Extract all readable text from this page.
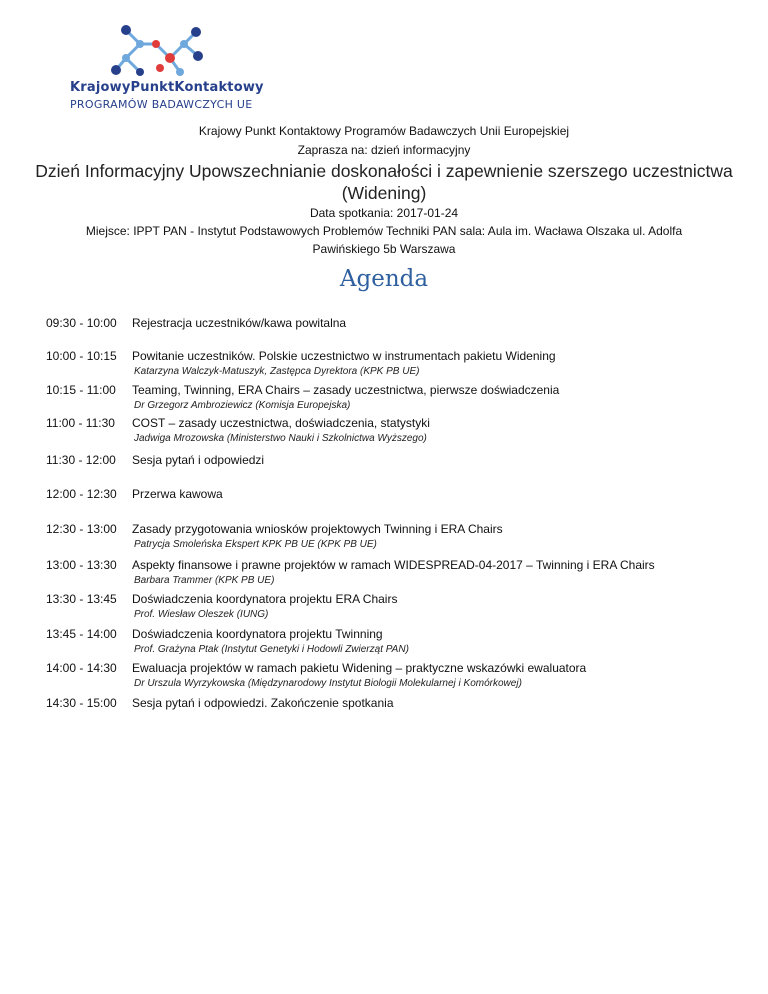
KrajowyPunktKontaktowy
PROGRAMÓW BADAWCZYCH UE
Krajowy Punkt Kontaktowy Programów Badawczych Unii Europejskiej
Zaprasza na: dzień informacyjny
Dzień Informacyjny Upowszechnianie doskonałości i zapewnienie szerszego uczestnictwa
(Widening)
Data spotkania: 2017-01-24
Miejsce: IPPT PAN - Instytut Podstawowych Problemów Techniki PAN sala: Aula im. Wacława Olszaka ul. Adolfa
Pawińskiego 5b Warszawa
Agenda
09:30 - 10:00 Rejestracja uczestników/kawa powitalna
10:00 - 10:15 Powitanie uczestników. Polskie uczestnictwo w instrumentach pakietu Widening
Katarzyna Walczyk-Matuszyk, Zastępca Dyrektora (KPK PB UE)
10:15 - 11:00 Teaming, Twinning, ERA Chairs – zasady uczestnictwa, pierwsze doświadczenia
Dr Grzegorz Ambroziewicz (Komisja Europejska)
11:00 - 11:30 COST – zasady uczestnictwa, doświadczenia, statystyki
Jadwiga Mrozowska (Ministerstwo Nauki i Szkolnictwa Wyższego)
11:30 - 12:00 Sesja pytań i odpowiedzi
12:00 - 12:30 Przerwa kawowa
12:30 - 13:00 Zasady przygotowania wniosków projektowych Twinning i ERA Chairs
Patrycja Smoleńska Ekspert KPK PB UE (KPK PB UE)
13:00 - 13:30 Aspekty finansowe i prawne projektów w ramach WIDESPREAD-04-2017 – Twinning i ERA Chairs
Barbara Trammer (KPK PB UE)
13:30 - 13:45 Doświadczenia koordynatora projektu ERA Chairs
Prof. Wiesław Oleszek (IUNG)
13:45 - 14:00 Doświadczenia koordynatora projektu Twinning
Prof. Grażyna Ptak (Instytut Genetyki i Hodowli Zwierząt PAN)
14:00 - 14:30 Ewaluacja projektów w ramach pakietu Widening – praktyczne wskazówki ewaluatora
Dr Urszula Wyrzykowska (Międzynarodowy Instytut Biologii Molekularnej i Komórkowej)
14:30 - 15:00 Sesja pytań i odpowiedzi. Zakończenie spotkania
